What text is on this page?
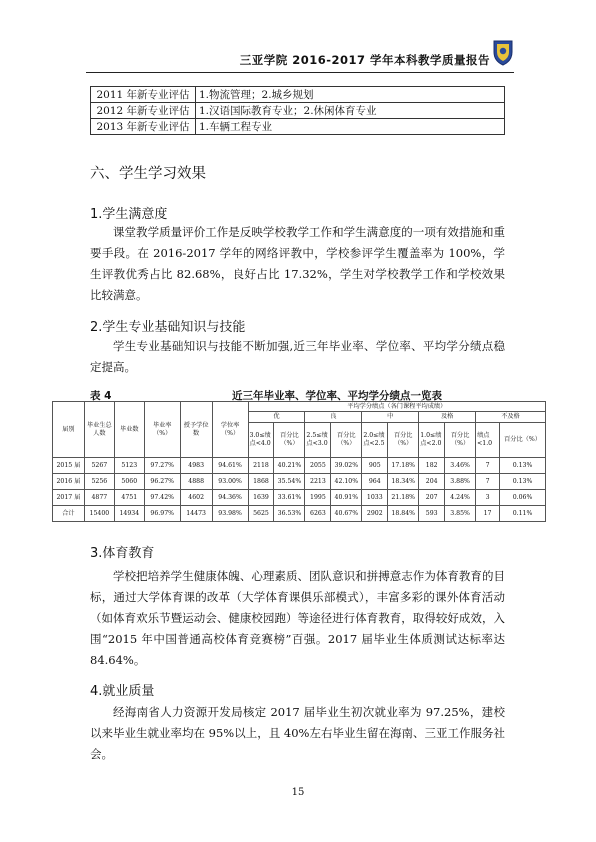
三亚学院 2016-2017 学年本科教学质量报告
2011 年新专业评估	1.物流管理；2.城乡规划
2012 年新专业评估	1.汉语国际教育专业；2.休闲体育专业
2013 年新专业评估	1.车辆工程专业
六、学生学习效果
1.学生满意度

课堂教学质量评价工作是反映学校教学工作和学生满意度的一项有效措施和重要手段。在 2016-2017 学年的网络评教中，学校参评学生覆盖率为 100%，学生评教优秀占比 82.68%，良好占比 17.32%，学生对学校教学工作和学校效果比较满意。

2.学生专业基础知识与技能

学生专业基础知识与技能不断加强,近三年毕业率、学位率、平均学分绩点稳定提高。

表 4	近三年毕业率、学位率、平均学分绩点一览表
届别	毕业生总人数	毕业数	毕业率（%）	授予学位数	学位率（%）	平均学分绩点（各门课程平均成绩）									
						优		良		中		及格		不及格	
						3.0≤绩点<4.0	百分比（%）	2.5≤绩点<3.0	百分比（%）	2.0≤绩点<2.5	百分比（%）	1.0≤绩点<2.0	百分比（%）	绩点<1.0	百分比（%）
2015 届	5267	5123	97.27%	4983	94.61%	2118	40.21%	2055	39.02%	905	17.18%	182	3.46%	7	0.13%
2016 届	5256	5060	96.27%	4888	93.00%	1868	35.54%	2213	42.10%	964	18.34%	204	3.88%	7	0.13%
2017 届	4877	4751	97.42%	4602	94.36%	1639	33.61%	1995	40.91%	1033	21.18%	207	4.24%	3	0.06%
合计	15400	14934	96.97%	14473	93.98%	5625	36.53%	6263	40.67%	2902	18.84%	593	3.85%	17	0.11%
3.体育教育

学校把培养学生健康体魄、心理素质、团队意识和拼搏意志作为体育教育的目标，通过大学体育课的改革（大学体育课俱乐部模式），丰富多彩的课外体育活动（如体育欢乐节暨运动会、健康校园跑）等途径进行体育教育，取得较好成效，入围“2015 年中国普通高校体育竞赛榜”百强。2017 届毕业生体质测试达标率达 84.64%。

4.就业质量

经海南省人力资源开发局核定 2017 届毕业生初次就业率为 97.25%，建校以来毕业生就业率均在 95%以上，且 40%左右毕业生留在海南、三亚工作服务社会。

15
